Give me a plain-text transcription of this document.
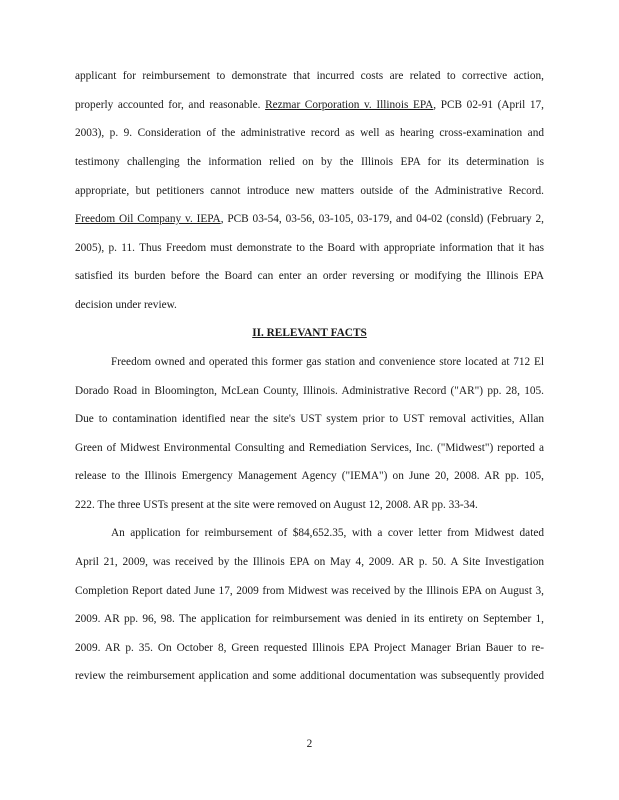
applicant for reimbursement to demonstrate that incurred costs are related to corrective action,
properly accounted for, and reasonable. Rezmar Corporation v. Illinois EPA, PCB 02-91 (April 17,
2003), p. 9. Consideration of the administrative record as well as hearing cross-examination and
testimony challenging the information relied on by the Illinois EPA for its determination is
appropriate, but petitioners cannot introduce new matters outside of the Administrative Record.
Freedom Oil Company v. IEPA, PCB 03-54, 03-56, 03-105, 03-179, and 04-02 (consld) (February 2,
2005), p. 11. Thus Freedom must demonstrate to the Board with appropriate information that it has
satisfied its burden before the Board can enter an order reversing or modifying the Illinois EPA
decision under review.
II. RELEVANT FACTS
Freedom owned and operated this former gas station and convenience store located at 712 El
Dorado Road in Bloomington, McLean County, Illinois. Administrative Record ("AR") pp. 28, 105.
Due to contamination identified near the site's UST system prior to UST removal activities, Allan
Green of Midwest Environmental Consulting and Remediation Services, Inc. ("Midwest") reported a
release to the Illinois Emergency Management Agency ("IEMA") on June 20, 2008. AR pp. 105,
222. The three USTs present at the site were removed on August 12, 2008. AR pp. 33-34.
An application for reimbursement of $84,652.35, with a cover letter from Midwest dated
April 21, 2009, was received by the Illinois EPA on May 4, 2009. AR p. 50. A Site Investigation
Completion Report dated June 17, 2009 from Midwest was received by the Illinois EPA on August 3,
2009. AR pp. 96, 98. The application for reimbursement was denied in its entirety on September 1,
2009. AR p. 35. On October 8, Green requested Illinois EPA Project Manager Brian Bauer to re-
review the reimbursement application and some additional documentation was subsequently provided
2
